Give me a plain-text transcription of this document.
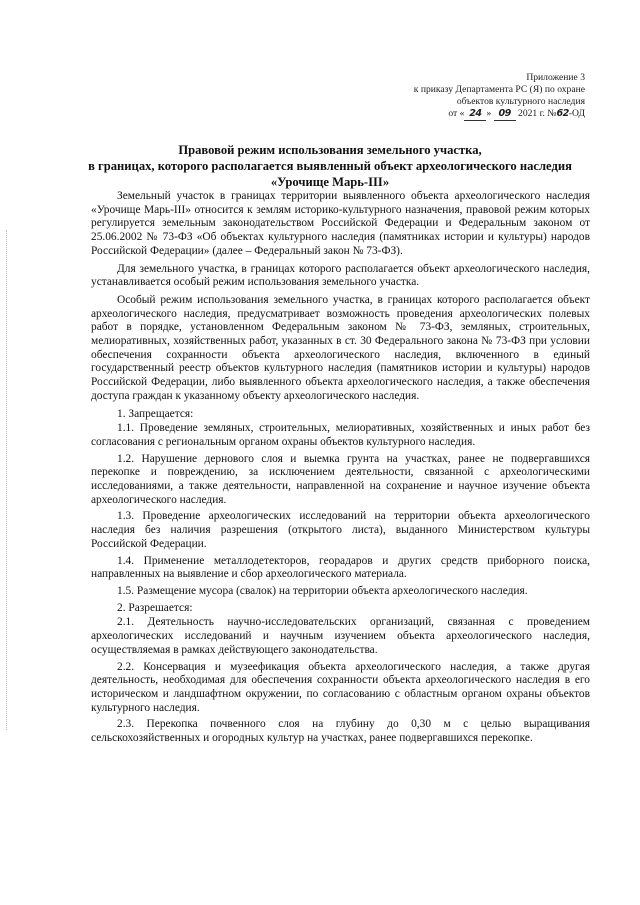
Приложение 3
к приказу Департамента РС (Я) по охране
объектов культурного наследия
от « 24 » 09 2021 г. №62-ОД
Правовой режим использования земельного участка,
в границах, которого располагается выявленный объект археологического наследия
«Урочище Марь-III»

Земельный участок в границах территории выявленного объекта археологического наследия «Урочище Марь-III» относится к землям историко-культурного назначения, правовой режим которых регулируется земельным законодательством Российской Федерации и Федеральным законом от 25.06.2002 № 73-ФЗ «Об объектах культурного наследия (памятниках истории и культуры) народов Российской Федерации» (далее – Федеральный закон № 73-ФЗ).

Для земельного участка, в границах которого располагается объект археологического наследия, устанавливается особый режим использования земельного участка.

Особый режим использования земельного участка, в границах которого располагается объект археологического наследия, предусматривает возможность проведения археологических полевых работ в порядке, установленном Федеральным законом № 73-ФЗ, земляных, строительных, мелиоративных, хозяйственных работ, указанных в ст. 30 Федерального закона № 73-ФЗ при условии обеспечения сохранности объекта археологического наследия, включенного в единый государственный реестр объектов культурного наследия (памятников истории и культуры) народов Российской Федерации, либо выявленного объекта археологического наследия, а также обеспечения доступа граждан к указанному объекту археологического наследия.

1. Запрещается:

1.1. Проведение земляных, строительных, мелиоративных, хозяйственных и иных работ без согласования с региональным органом охраны объектов культурного наследия.

1.2. Нарушение дернового слоя и выемка грунта на участках, ранее не подвергавшихся перекопке и повреждению, за исключением деятельности, связанной с археологическими исследованиями, а также деятельности, направленной на сохранение и научное изучение объекта археологического наследия.

1.3. Проведение археологических исследований на территории объекта археологического наследия без наличия разрешения (открытого листа), выданного Министерством культуры Российской Федерации.

1.4. Применение металлодетекторов, георадаров и других средств приборного поиска, направленных на выявление и сбор археологического материала.

1.5. Размещение мусора (свалок) на территории объекта археологического наследия.

2. Разрешается:

2.1. Деятельность научно-исследовательских организаций, связанная с проведением археологических исследований и научным изучением объекта археологического наследия, осуществляемая в рамках действующего законодательства.

2.2. Консервация и музеефикация объекта археологического наследия, а также другая деятельность, необходимая для обеспечения сохранности объекта археологического наследия в его историческом и ландшафтном окружении, по согласованию с областным органом охраны объектов культурного наследия.

2.3. Перекопка почвенного слоя на глубину до 0,30 м с целью выращивания сельскохозяйственных и огородных культур на участках, ранее подвергавшихся перекопке.
